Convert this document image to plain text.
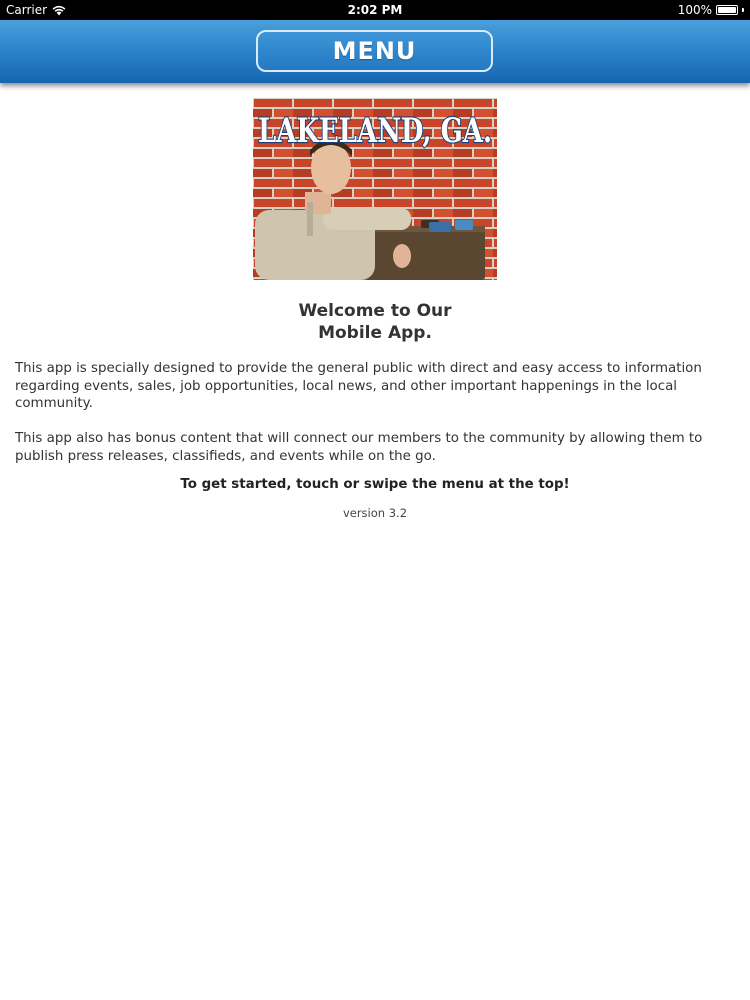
Carrier	2:02 PM	100%
MENU
LAKELAND, GA.
Welcome to Our
Mobile App.
This app is specially designed to provide the general public with direct and easy access to information regarding events, sales, job opportunities, local news, and other important happenings in the local community.
This app also has bonus content that will connect our members to the community by allowing them to publish press releases, classifieds, and events while on the go.
To get started, touch or swipe the menu at the top!
version 3.2
